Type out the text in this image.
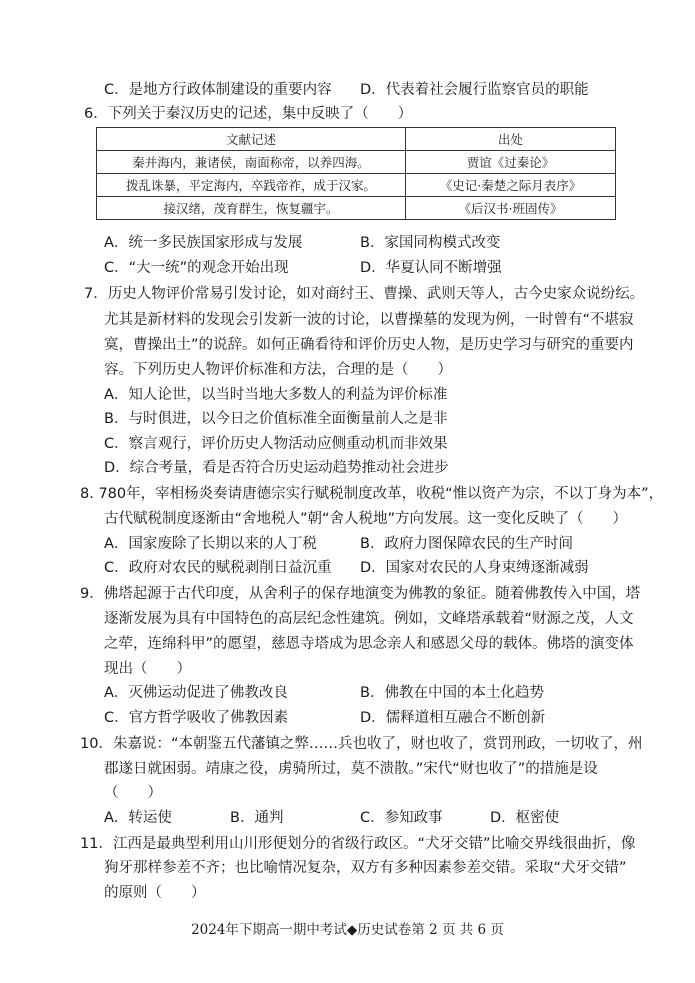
C．是地方行政体制建设的重要内容 D．代表着社会履行监察官员的职能
6．下列关于秦汉历史的记述，集中反映了（　　）
文献记述	出处
秦并海内，兼诸侯，南面称帝，以养四海。	贾谊《过秦论》
拨乱诛暴，平定海内，卒践帝祚，成于汉家。	《史记·秦楚之际月表序》
接汉绪，茂育群生，恢复疆宇。	《后汉书·班固传》
A．统一多民族国家形成与发展	B．家国同构模式改变
C．“大一统”的观念开始出现	D．华夏认同不断增强
7．历史人物评价常易引发讨论，如对商纣王、曹操、武则天等人，古今史家众说纷纭。
尤其是新材料的发现会引发新一波的讨论，以曹操墓的发现为例，一时曾有“不堪寂
寞，曹操出土”的说辞。如何正确看待和评价历史人物，是历史学习与研究的重要内
容。下列历史人物评价标准和方法，合理的是（　　）
A．知人论世，以当时当地大多数人的利益为评价标准
B．与时俱进，以今日之价值标准全面衡量前人之是非
C．察言观行，评价历史人物活动应侧重动机而非效果
D．综合考量，看是否符合历史运动趋势推动社会进步
8. 780年，宰相杨炎奏请唐德宗实行赋税制度改革，收税“惟以资产为宗，不以丁身为本”，
古代赋税制度逐渐由“舍地税人”朝“舍人税地”方向发展。这一变化反映了（　　）
A．国家废除了长期以来的人丁税	B．政府力图保障农民的生产时间
C．政府对农民的赋税剥削日益沉重 D．国家对农民的人身束缚逐渐减弱
9．佛塔起源于古代印度，从舍利子的保存地演变为佛教的象征。随着佛教传入中国，塔
逐渐发展为具有中国特色的高层纪念性建筑。例如，文峰塔承载着“财源之茂，人文
之荦，连绵科甲”的愿望，慈恩寺塔成为思念亲人和感恩父母的载体。佛塔的演变体
现出（　　）
A．灭佛运动促进了佛教改良	B．佛教在中国的本土化趋势
C．官方哲学吸收了佛教因素	D．儒释道相互融合不断创新
10．朱嘉说：“本朝鉴五代藩镇之弊……兵也收了，财也收了，赏罚刑政，一切收了，州
郡遂日就困弱。靖康之役，虏骑所过，莫不溃散。”宋代“财也收了”的措施是设
（　　）
A．转运使	B．通判	C．参知政事	D．枢密使
11．江西是最典型利用山川形便划分的省级行政区。“犬牙交错”比喻交界线很曲折，像
狗牙那样参差不齐；也比喻情况复杂，双方有多种因素参差交错。采取“犬牙交错”
的原则（　　）
2024年下期高一期中考试◆历史试卷第 2 页 共 6 页
